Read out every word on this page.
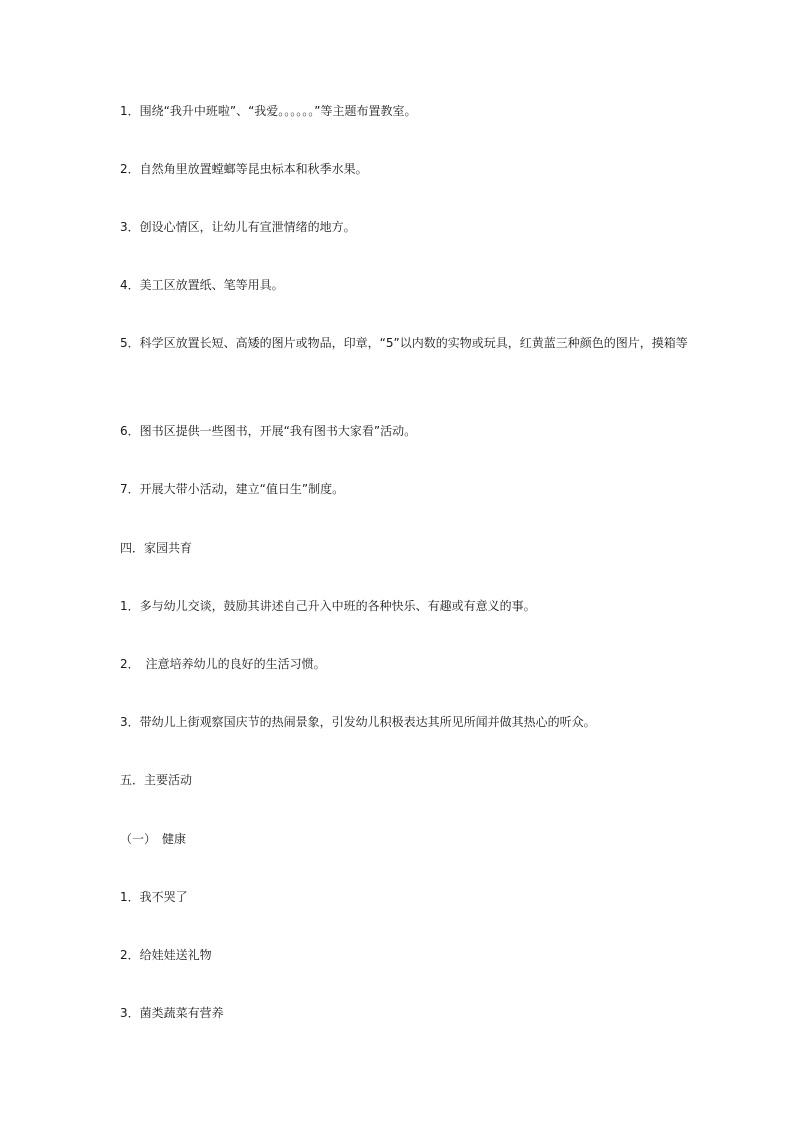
1．围绕“我升中班啦”、“我爱。。。。。。”等主题布置教室。
2．自然角里放置螳螂等昆虫标本和秋季水果。
3．创设心情区，让幼儿有宣泄情绪的地方。
4．美工区放置纸、笔等用具。
5．科学区放置长短、高矮的图片或物品，印章，“5”以内数的实物或玩具，红黄蓝三种颜色的图片，摸箱等
6．图书区提供一些图书，开展“我有图书大家看”活动。
7．开展大带小活动，建立“值日生”制度。
四．家园共育
1．多与幼儿交谈，鼓励其讲述自己升入中班的各种快乐、有趣或有意义的事。
2．　注意培养幼儿的良好的生活习惯。
3．带幼儿上街观察国庆节的热闹景象，引发幼儿积极表达其所见所闻并做其热心的听众。
五．主要活动
（一）　健康
1．我不哭了
2．给娃娃送礼物
3．菌类蔬菜有营养
